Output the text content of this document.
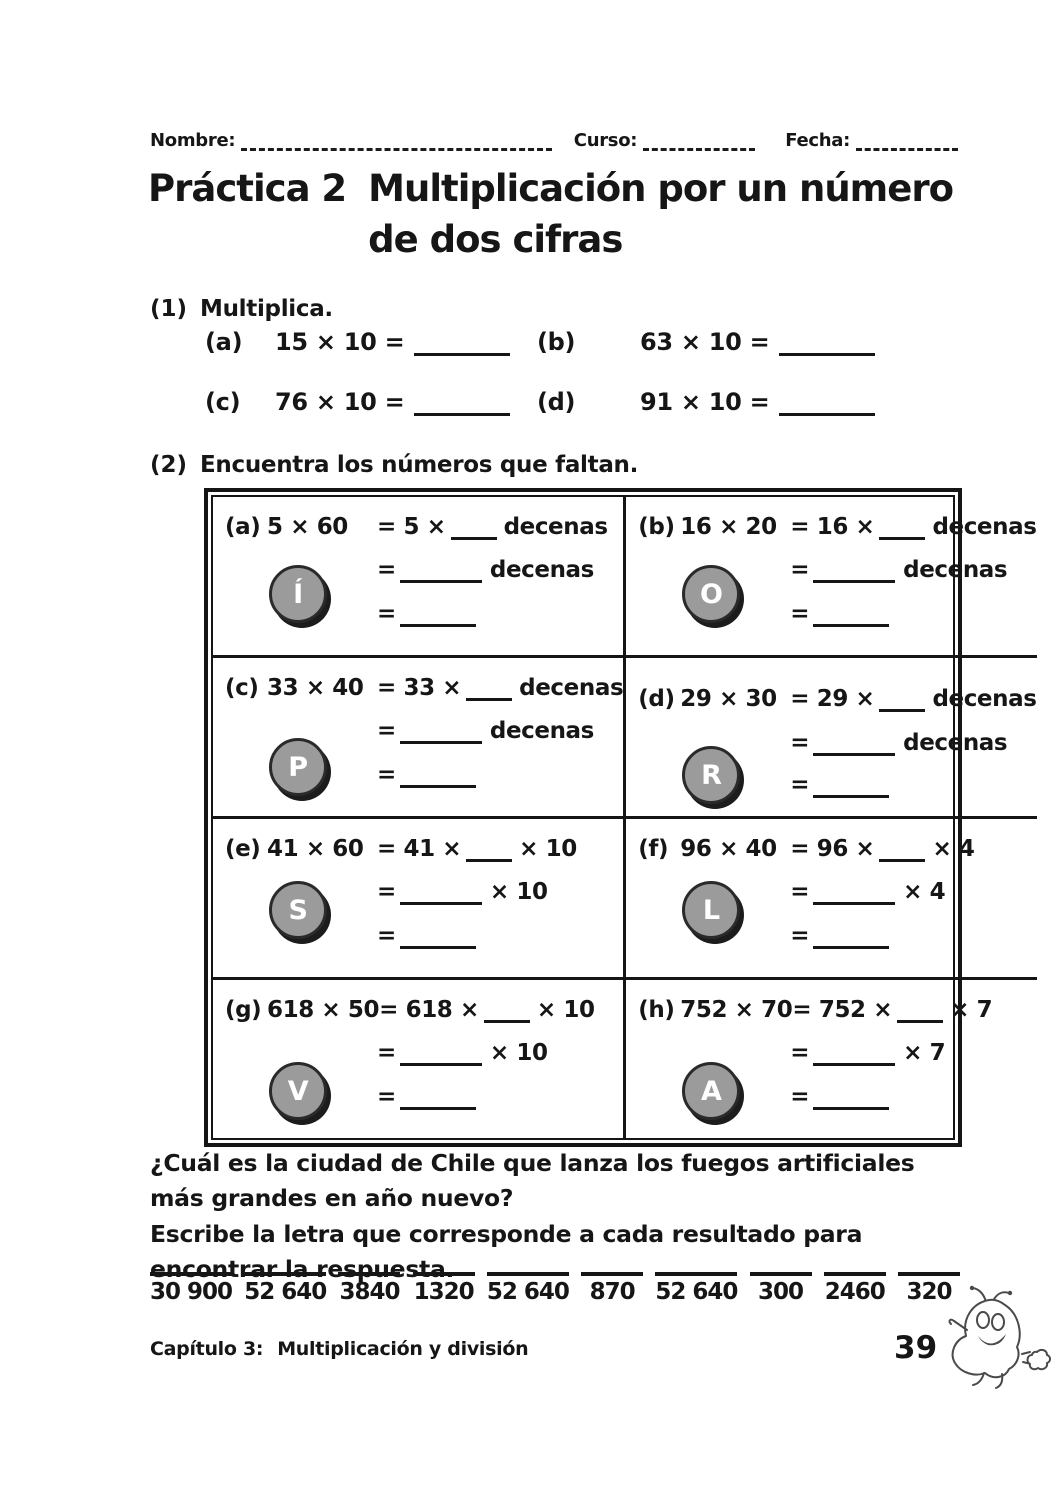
Nombre:	Curso:	Fecha:
Práctica 2 Multiplicación por un número
de dos cifras
(1) Multiplica.
(a)	15 × 10 =	(b)	63 × 10 =
(c)	76 × 10 =	(d)	91 × 10 =
(2) Encuentra los números que faltan.
(a) 5 × 60	= 5 ×	decenas
=	decenas
=
Í
(b) 16 × 20 = 16 ×	decenas
=	decenas
=
O
(c) 33 × 40 = 33 ×	decenas
=	decenas
=
P
(d) 29 × 30 = 29 ×	decenas
=	decenas
=
R
(e) 41 × 60 = 41 ×	× 10
=	× 10
=
S
(f) 96 × 40 = 96 ×	× 4
=	× 4
=
L
(g) 618 × 50 = 618 ×	× 10
=	× 10
=
V
(h) 752 × 70 = 752 ×	× 7
=	× 7
=
A
¿Cuál es la ciudad de Chile que lanza los fuegos artificiales más grandes en año nuevo?
Escribe la letra que corresponde a cada resultado para encontrar la respuesta.
30 900 52 640 3840 1320 52 640 870 52 640 300 2460 320
Capítulo 3: Multiplicación y división	39
